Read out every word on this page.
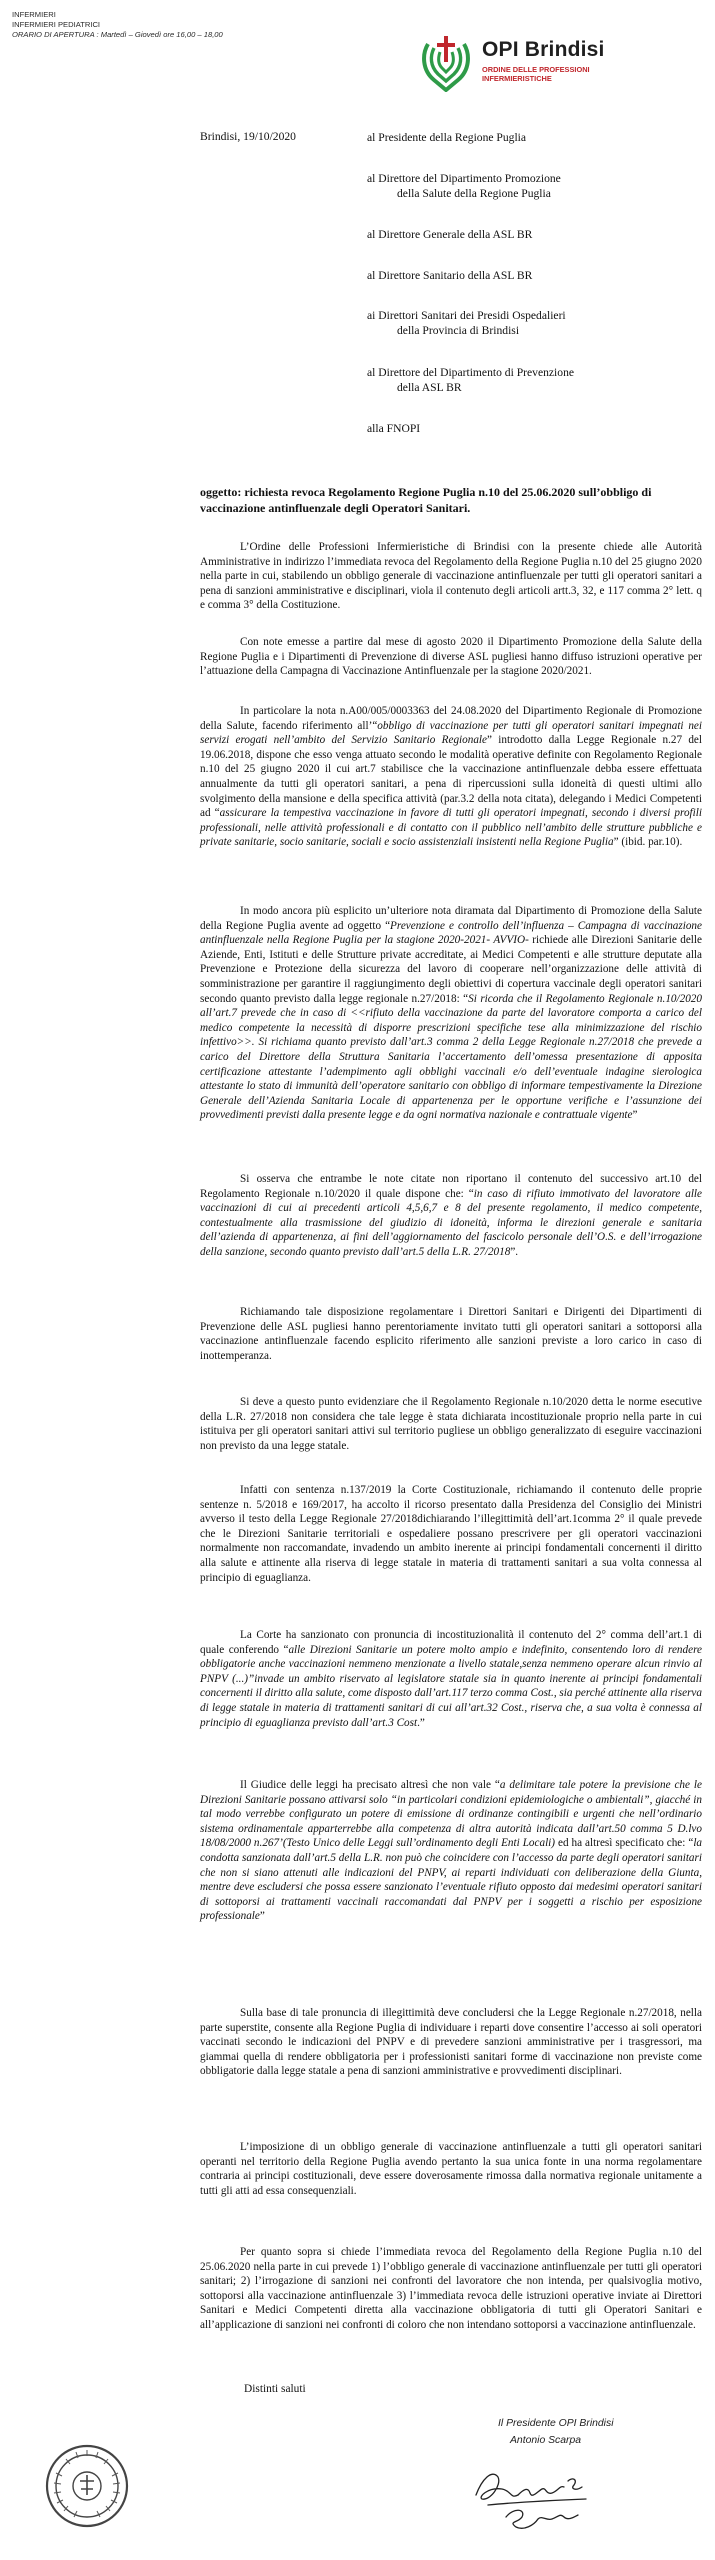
INFERMIERI
INFERMIERI PEDIATRICI
ORARIO DI APERTURA : Martedì – Giovedì ore 16,00 – 18,00
OPI Brindisi
ORDINE DELLE PROFESSIONI
INFERMIERISTICHE
Brindisi, 19/10/2020	al Presidente della Regione Puglia
al Direttore del Dipartimento Promozione
della Salute della Regione Puglia
al Direttore Generale della ASL BR
al Direttore Sanitario della ASL BR
ai Direttori Sanitari dei Presidi Ospedalieri
della Provincia di Brindisi
al Direttore del Dipartimento di Prevenzione
della ASL BR
alla FNOPI
oggetto: richiesta revoca Regolamento Regione Puglia n.10 del 25.06.2020 sull’obbligo di vaccinazione antinfluenzale degli Operatori Sanitari.

L’Ordine delle Professioni Infermieristiche di Brindisi con la presente chiede alle Autorità Amministrative in indirizzo l’immediata revoca del Regolamento della Regione Puglia n.10 del 25 giugno 2020 nella parte in cui, stabilendo un obbligo generale di vaccinazione antinfluenzale per tutti gli operatori sanitari a pena di sanzioni amministrative e disciplinari, viola il contenuto degli articoli artt.3, 32, e 117 comma 2° lett. q e comma 3° della Costituzione.

Con note emesse a partire dal mese di agosto 2020 il Dipartimento Promozione della Salute della Regione Puglia e i Dipartimenti di Prevenzione di diverse ASL pugliesi hanno diffuso istruzioni operative per l’attuazione della Campagna di Vaccinazione Antinfluenzale per la stagione 2020/2021.

In particolare la nota n.A00/005/0003363 del 24.08.2020 del Dipartimento Regionale di Promozione della Salute, facendo riferimento all’“obbligo di vaccinazione per tutti gli operatori sanitari impegnati nei servizi erogati nell’ambito del Servizio Sanitario Regionale” introdotto dalla Legge Regionale n.27 del 19.06.2018, dispone che esso venga attuato secondo le modalità operative definite con Regolamento Regionale n.10 del 25 giugno 2020 il cui art.7 stabilisce che la vaccinazione antinfluenzale debba essere effettuata annualmente da tutti gli operatori sanitari, a pena di ripercussioni sulla idoneità di questi ultimi allo svolgimento della mansione e della specifica attività (par.3.2 della nota citata), delegando i Medici Competenti ad “assicurare la tempestiva vaccinazione in favore di tutti gli operatori impegnati, secondo i diversi profili professionali, nelle attività professionali e di contatto con il pubblico nell’ambito delle strutture pubbliche e private sanitarie, socio sanitarie, sociali e socio assistenziali insistenti nella Regione Puglia” (ibid. par.10).

In modo ancora più esplicito un’ulteriore nota diramata dal Dipartimento di Promozione della Salute della Regione Puglia avente ad oggetto “Prevenzione e controllo dell’influenza – Campagna di vaccinazione antinfluenzale nella Regione Puglia per la stagione 2020-2021- AVVIO- richiede alle Direzioni Sanitarie delle Aziende, Enti, Istituti e delle Strutture private accreditate, ai Medici Competenti e alle strutture deputate alla Prevenzione e Protezione della sicurezza del lavoro di cooperare nell’organizzazione delle attività di somministrazione per garantire il raggiungimento degli obiettivi di copertura vaccinale degli operatori sanitari secondo quanto previsto dalla legge regionale n.27/2018: “Si ricorda che il Regolamento Regionale n.10/2020 all’art.7 prevede che in caso di <<rifiuto della vaccinazione da parte del lavoratore comporta a carico del medico competente la necessità di disporre prescrizioni specifiche tese alla minimizzazione del rischio infettivo>>. Si richiama quanto previsto dall’art.3 comma 2 della Legge Regionale n.27/2018 che prevede a carico del Direttore della Struttura Sanitaria l’accertamento dell’omessa presentazione di apposita certificazione attestante l’adempimento agli obblighi vaccinali e/o dell’eventuale indagine sierologica attestante lo stato di immunità dell’operatore sanitario con obbligo di informare tempestivamente la Direzione Generale dell’Azienda Sanitaria Locale di appartenenza per le opportune verifiche e l’assunzione dei provvedimenti previsti dalla presente legge e da ogni normativa nazionale e contrattuale vigente”

Si osserva che entrambe le note citate non riportano il contenuto del successivo art.10 del Regolamento Regionale n.10/2020 il quale dispone che: “in caso di rifiuto immotivato del lavoratore alle vaccinazioni di cui ai precedenti articoli 4,5,6,7 e 8 del presente regolamento, il medico competente, contestualmente alla trasmissione del giudizio di idoneità, informa le direzioni generale e sanitaria dell’azienda di appartenenza, ai fini dell’aggiornamento del fascicolo personale dell’O.S. e dell’irrogazione della sanzione, secondo quanto previsto dall’art.5 della L.R. 27/2018”.

Richiamando tale disposizione regolamentare i Direttori Sanitari e Dirigenti dei Dipartimenti di Prevenzione delle ASL pugliesi hanno perentoriamente invitato tutti gli operatori sanitari a sottoporsi alla vaccinazione antinfluenzale facendo esplicito riferimento alle sanzioni previste a loro carico in caso di inottemperanza.

Si deve a questo punto evidenziare che il Regolamento Regionale n.10/2020 detta le norme esecutive della L.R. 27/2018 non considera che tale legge è stata dichiarata incostituzionale proprio nella parte in cui istituiva per gli operatori sanitari attivi sul territorio pugliese un obbligo generalizzato di eseguire vaccinazioni non previsto da una legge statale.

Infatti con sentenza n.137/2019 la Corte Costituzionale, richiamando il contenuto delle proprie sentenze n. 5/2018 e 169/2017, ha accolto il ricorso presentato dalla Presidenza del Consiglio dei Ministri avverso il testo della Legge Regionale 27/2018dichiarando l’illegittimità dell’art.1comma 2° il quale prevede che le Direzioni Sanitarie territoriali e ospedaliere possano prescrivere per gli operatori vaccinazioni normalmente non raccomandate, invadendo un ambito inerente ai principi fondamentali concernenti il diritto alla salute e attinente alla riserva di legge statale in materia di trattamenti sanitari a sua volta connessa al principio di eguaglianza.

La Corte ha sanzionato con pronuncia di incostituzionalità il contenuto del 2° comma dell’art.1 di quale conferendo “alle Direzioni Sanitarie un potere molto ampio e indefinito, consentendo loro di rendere obbligatorie anche vaccinazioni nemmeno menzionate a livello statale,senza nemmeno operare alcun rinvio al PNPV (...)”invade un ambito riservato al legislatore statale sia in quanto inerente ai principi fondamentali concernenti il diritto alla salute, come disposto dall’art.117 terzo comma Cost., sia perché attinente alla riserva di legge statale in materia di trattamenti sanitari di cui all’art.32 Cost., riserva che, a sua volta è connessa al principio di eguaglianza previsto dall’art.3 Cost.”

Il Giudice delle leggi ha precisato altresì che non vale “a delimitare tale potere la previsione che le Direzioni Sanitarie possano attivarsi solo “in particolari condizioni epidemiologiche o ambientali”, giacché in tal modo verrebbe configurato un potere di emissione di ordinanze contingibili e urgenti che nell’ordinario sistema ordinamentale apparterrebbe alla competenza di altra autorità indicata dall’art.50 comma 5 D.lvo 18/08/2000 n.267’(Testo Unico delle Leggi sull’ordinamento degli Enti Locali) ed ha altresì specificato che: “la condotta sanzionata dall’art.5 della L.R. non può che coincidere con l’accesso da parte degli operatori sanitari che non si siano attenuti alle indicazioni del PNPV, ai reparti individuati con deliberazione della Giunta, mentre deve escludersi che possa essere sanzionato l’eventuale rifiuto opposto dai medesimi operatori sanitari di sottoporsi ai trattamenti vaccinali raccomandati dal PNPV per i soggetti a rischio per esposizione professionale”

Sulla base di tale pronuncia di illegittimità deve concludersi che la Legge Regionale n.27/2018, nella parte superstite, consente alla Regione Puglia di individuare i reparti dove consentire l’accesso ai soli operatori vaccinati secondo le indicazioni del PNPV e di prevedere sanzioni amministrative per i trasgressori, ma giammai quella di rendere obbligatoria per i professionisti sanitari forme di vaccinazione non previste come obbligatorie dalla legge statale a pena di sanzioni amministrative e provvedimenti disciplinari.

L’imposizione di un obbligo generale di vaccinazione antinfluenzale a tutti gli operatori sanitari operanti nel territorio della Regione Puglia avendo pertanto la sua unica fonte in una norma regolamentare contraria ai principi costituzionali, deve essere doverosamente rimossa dalla normativa regionale unitamente a tutti gli atti ad essa consequenziali.

Per quanto sopra si chiede l’immediata revoca del Regolamento della Regione Puglia n.10 del 25.06.2020 nella parte in cui prevede 1) l’obbligo generale di vaccinazione antinfluenzale per tutti gli operatori sanitari; 2) l’irrogazione di sanzioni nei confronti del lavoratore che non intenda, per qualsivoglia motivo, sottoporsi alla vaccinazione antinfluenzale 3) l’immediata revoca delle istruzioni operative inviate ai Direttori Sanitari e Medici Competenti diretta alla vaccinazione obbligatoria di tutti gli Operatori Sanitari e all’applicazione di sanzioni nei confronti di coloro che non intendano sottoporsi a vaccinazione antinfluenzale.

Distinti saluti
Il Presidente OPI Brindisi
Antonio Scarpa
